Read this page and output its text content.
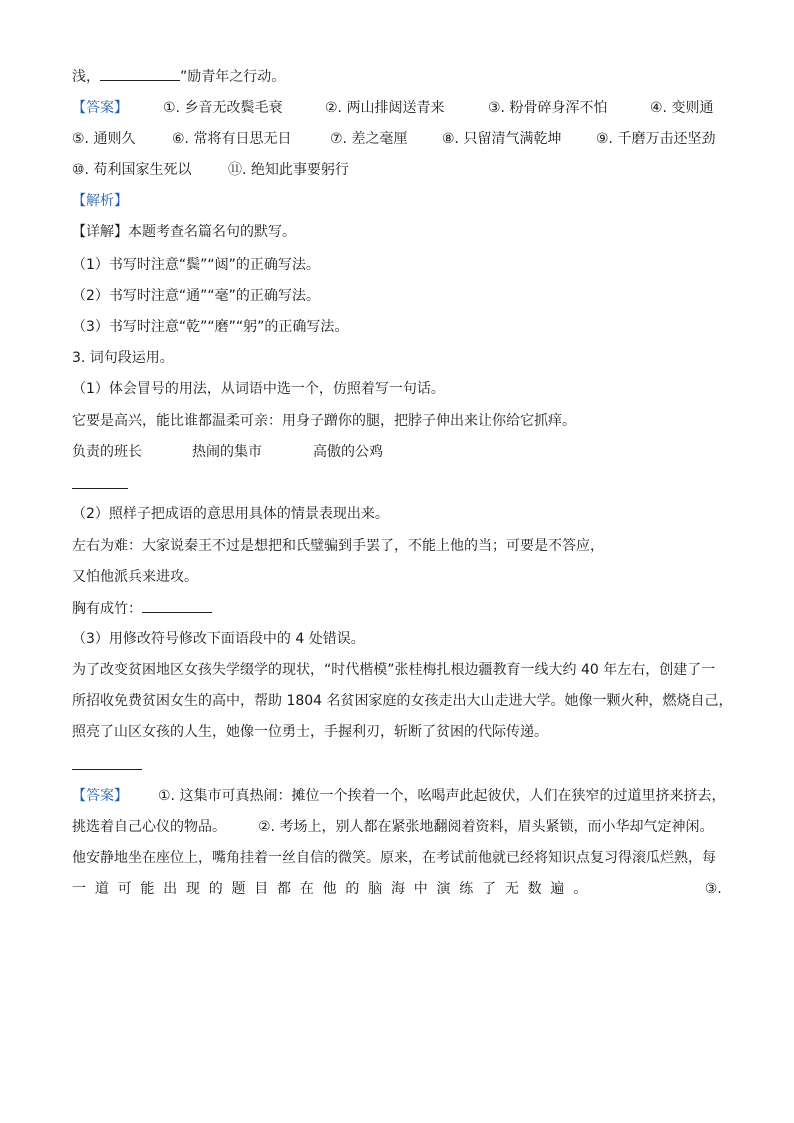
浅，	”励青年之行动。
【答案】	①. 乡音无改鬓毛衰	②. 两山排闼送青来	③. 粉骨碎身浑不怕	④. 变则通
⑤. 通则久	⑥. 常将有日思无日	⑦. 差之毫厘 ⑧. 只留清气满乾坤 ⑨. 千磨万击还坚劲
⑩. 苟利国家生死以	⑪. 绝知此事要躬行
【解析】
【详解】本题考查名篇名句的默写。
（1）书写时注意“鬓”“闼”的正确写法。
（2）书写时注意“通”“毫”的正确写法。
（3）书写时注意“乾”“磨”“躬”的正确写法。
3. 词句段运用。
（1）体会冒号的用法，从词语中选一个，仿照着写一句话。
它要是高兴，能比谁都温柔可亲：用身子蹭你的腿，把脖子伸出来让你给它抓痒。
负责的班长	热闹的集市	高傲的公鸡
（2）照样子把成语的意思用具体的情景表现出来。
左右为难：大家说秦王不过是想把和氏璧骗到手罢了，不能上他的当；可要是不答应，
又怕他派兵来进攻。
胸有成竹：
（3）用修改符号修改下面语段中的 4 处错误。
为了改变贫困地区女孩失学缀学的现状，“时代楷模”张桂梅扎根边疆教育一线大约 40 年左右，创建了一
所招收免费贫困女生的高中，帮助 1804 名贫困家庭的女孩走出大山走进大学。她像一颗火种，燃烧自己，
照亮了山区女孩的人生，她像一位勇士，手握利刃，斩断了贫困的代际传递。
【答案】 ①. 这集市可真热闹：摊位一个挨着一个，吆喝声此起彼伏，人们在狭窄的过道里挤来挤去，
挑选着自己心仪的物品。 ②. 考场上，别人都在紧张地翻阅着资料，眉头紧锁，而小华却气定神闲。
他安静地坐在座位上，嘴角挂着一丝自信的微笑。原来，在考试前他就已经将知识点复习得滚瓜烂熟，每
一 道 可 能 出 现 的 题 目 都 在 他 的 脑 海 中 演 练 了 无 数 遍 。	③.
